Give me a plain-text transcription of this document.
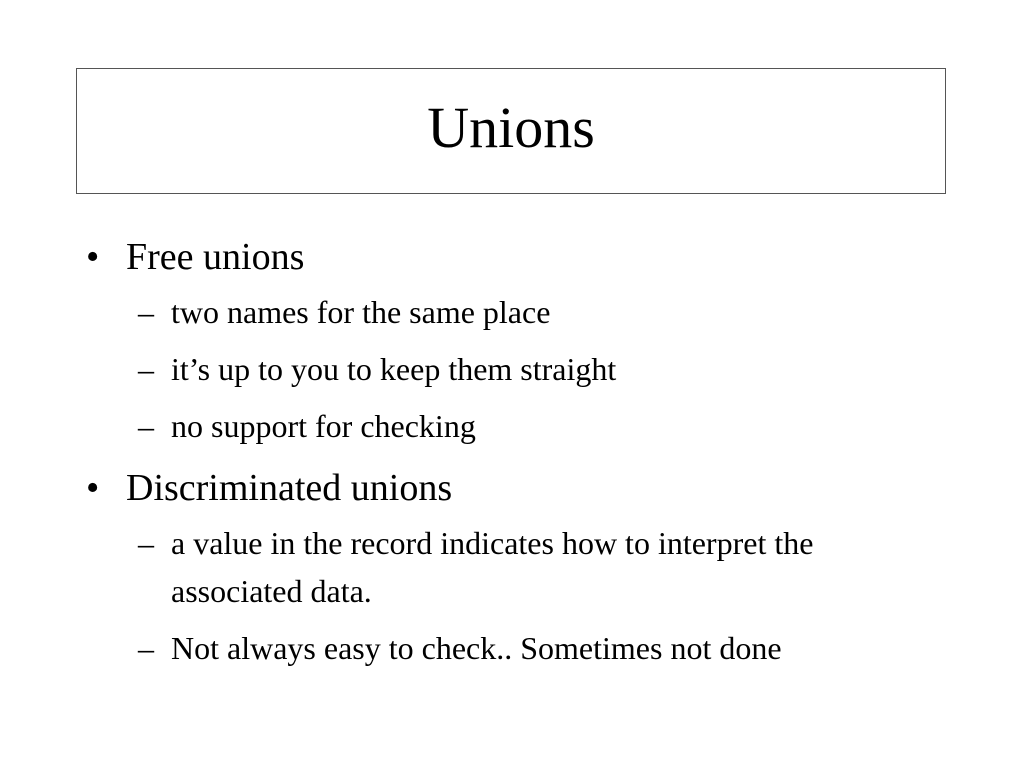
Unions
• Free unions
– two names for the same place
– it’s up to you to keep them straight
– no support for checking
• Discriminated unions
– a value in the record indicates how to interpret the associated data.
– Not always easy to check.. Sometimes not done
